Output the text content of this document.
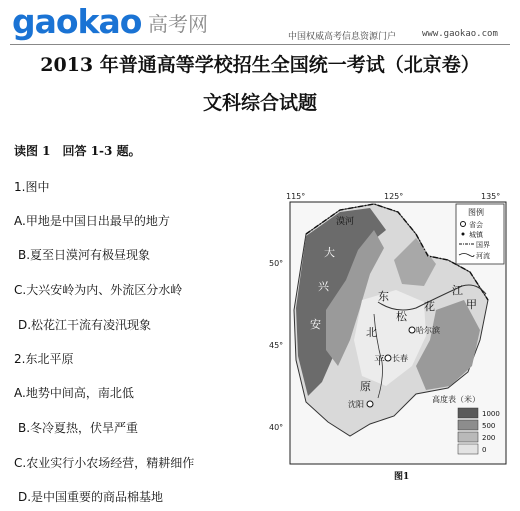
gaokao 高考网
中国权威高考信息资源门户	www.gaokao.com
2013 年普通高等学校招生全国统一考试（北京卷）
文科综合试题
读图 1　回答 1-3 题。
1.图中
A.甲地是中国日出最早的地方
B.夏至日漠河有极昼现象
C.大兴安岭为内、外流区分水岭
D.松花江干流有凌汛现象
2.东北平原
A.地势中间高，南北低
B.冬冷夏热，伏旱严重
C.农业实行小农场经营，精耕细作
D.是中国重要的商品棉基地
115°	125°	135°
50°
45°
40°
漠河
大
兴
安
东
北
平
原
松
花
江
哈尔滨
长春
沈阳
甲
图例
省会
城镇
国界
河流
高度表（米）
1000
500
200
0
图1
